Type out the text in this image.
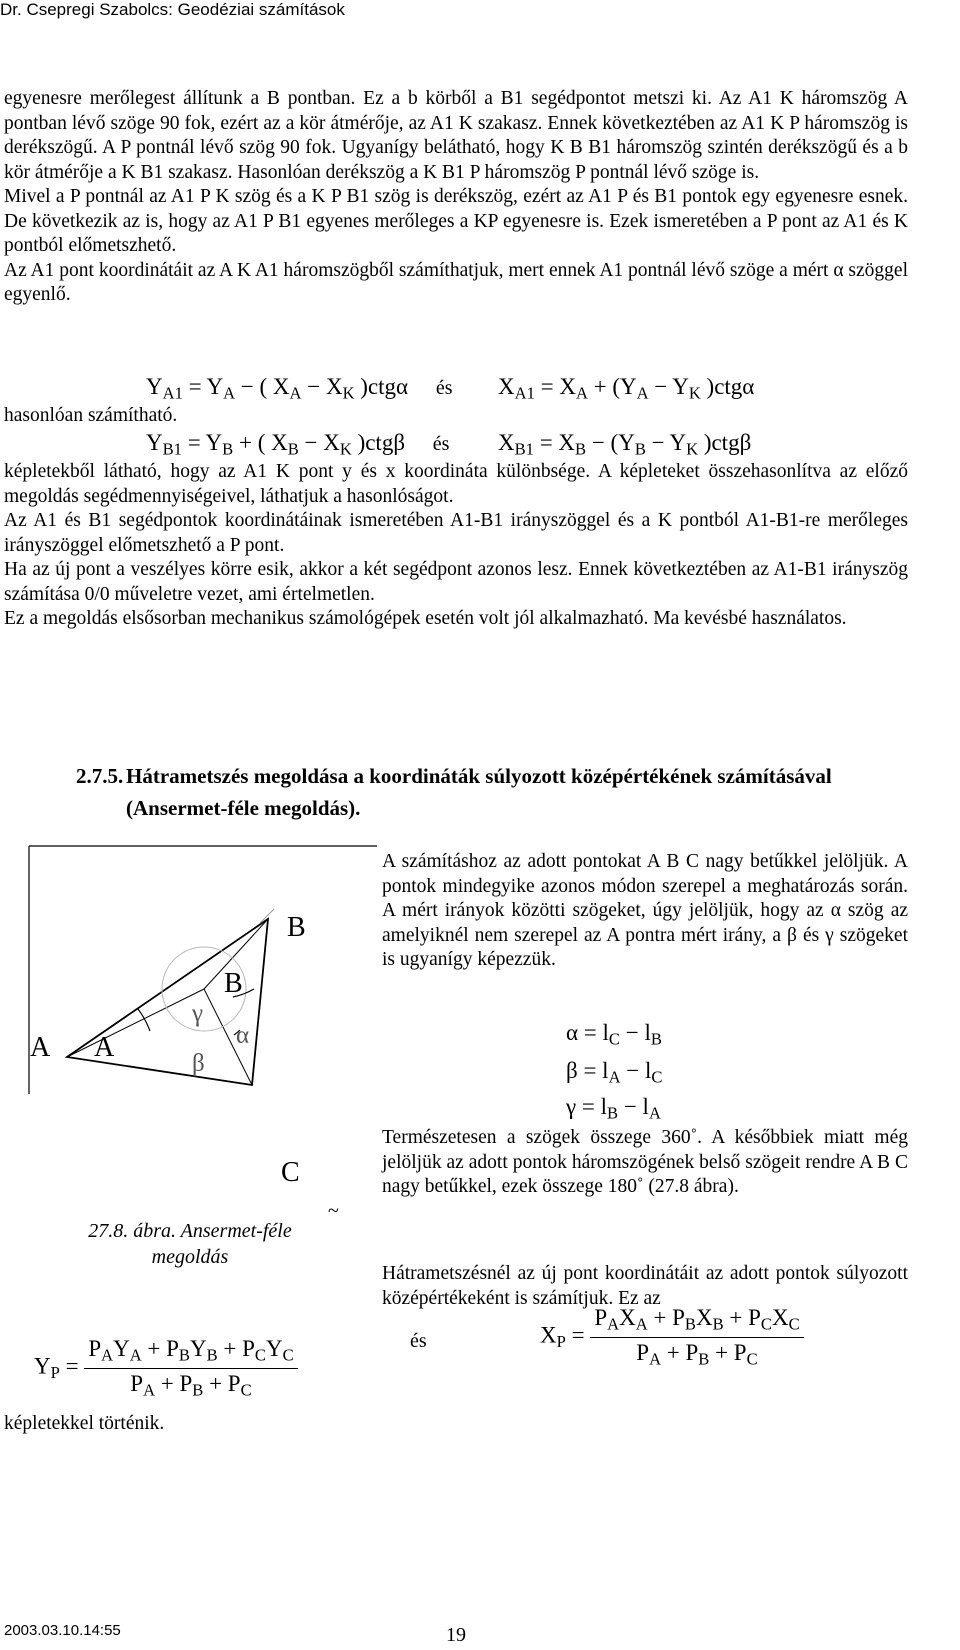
Dr. Csepregi Szabolcs: Geodéziai számítások

egyenesre merőlegest állítunk a B pontban. Ez a b körből a B1 segédpontot metszi ki. Az A1 K háromszög A pontban lévő szöge 90 fok, ezért az a kör átmérője, az A1 K szakasz. Ennek következtében az A1 K P háromszög is derékszögű. A P pontnál lévő szög 90 fok. Ugyanígy belátható, hogy K B B1 háromszög szintén derékszögű és a b kör átmérője a K B1 szakasz. Hasonlóan derékszög a K B1 P háromszög P pontnál lévő szöge is.

Mivel a P pontnál az A1 P K szög és a K P B1 szög is derékszög, ezért az A1 P és B1 pontok egy egyenesre esnek. De következik az is, hogy az A1 P B1 egyenes merőleges a KP egyenesre is. Ezek ismeretében a P pont az A1 és K pontból előmetszhető.

Az A1 pont koordinátáit az A K A1 háromszögből számíthatjuk, mert ennek A1 pontnál lévő szöge a mért α szöggel egyenlő.

$Y_{A1} = Y_A$ − ( $X_A - X_K$ )ctgα és $X_{A1} = X_A + (Y_A - Y_K$ )ctgα
hasonlóan számítható.
$Y_{B1} = Y_B$ + ( $X_B - X_K$ )ctgβ és $X_{B1} = X_B - (Y_B - Y_K$ )ctgβ

képletekből látható, hogy az A1 K pont y és x koordináta különbsége. A képleteket összehasonlítva az előző megoldás segédmennyiségeivel, láthatjuk a hasonlóságot.

Az A1 és B1 segédpontok koordinátáinak ismeretében A1-B1 irányszöggel és a K pontból A1-B1-re merőleges irányszöggel előmetszhető a P pont.

Ha az új pont a veszélyes körre esik, akkor a két segédpont azonos lesz. Ennek következtében az A1-B1 irányszög számítása 0/0 műveletre vezet, ami értelmetlen.

Ez a megoldás elsősorban mechanikus számológépek esetén volt jól alkalmazható. Ma kevésbé használatos.

2.7.5. Hátrametszés megoldása a koordináták súlyozott középértékének számításával (Ansermet-féle megoldás).
A A
B
B
C
~
γ
α
β
27.8. ábra. Ansermet-féle megoldás

A számításhoz az adott pontokat A B C nagy betűkkel jelöljük. A pontok mindegyike azonos módon szerepel a meghatározás során. A mért irányok közötti szögeket, úgy jelöljük, hogy az α szög az amelyiknél nem szerepel az A pontra mért irány, a β és γ szögeket is ugyanígy képezzük.

$\alpha = l_C - l_B$
$\beta = l_A - l_C$
$\gamma = l_B - l_A$

Természetesen a szögek összege 360˚. A későbbiek miatt még jelöljük az adott pontok háromszögének belső szögeit rendre A B C nagy betűkkel, ezek összege 180˚ (27.8 ábra).

Hátrametszésnél az új pont koordinátáit az adott pontok súlyozott középértékeként is számítjuk. Ez az

és	$X_P = \frac{P_AX_A + P_BX_B + P_CX_C}{P_A + P_B + P_C}$
$Y_P = \frac{P_AY_A + P_BY_B + P_CY_C}{P_A + P_B + P_C}$
képletekkel történik.
2003.03.10.14:55	19
